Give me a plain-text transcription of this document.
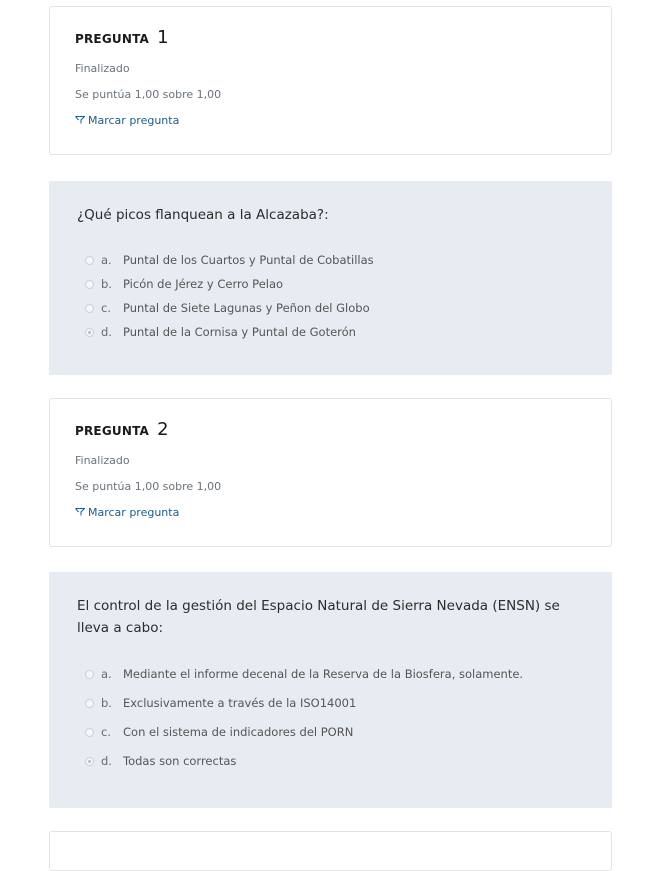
PREGUNTA 1
Finalizado
Se puntúa 1,00 sobre 1,00
Marcar pregunta
¿Qué picos flanquean a la Alcazaba?:
a. Puntal de los Cuartos y Puntal de Cobatillas
b. Picón de Jérez y Cerro Pelao
c. Puntal de Siete Lagunas y Peñon del Globo
d. Puntal de la Cornisa y Puntal de Goterón
PREGUNTA 2
Finalizado
Se puntúa 1,00 sobre 1,00
Marcar pregunta
El control de la gestión del Espacio Natural de Sierra Nevada (ENSN) se lleva a cabo:
a. Mediante el informe decenal de la Reserva de la Biosfera, solamente.
b. Exclusivamente a través de la ISO14001
c. Con el sistema de indicadores del PORN
d. Todas son correctas
